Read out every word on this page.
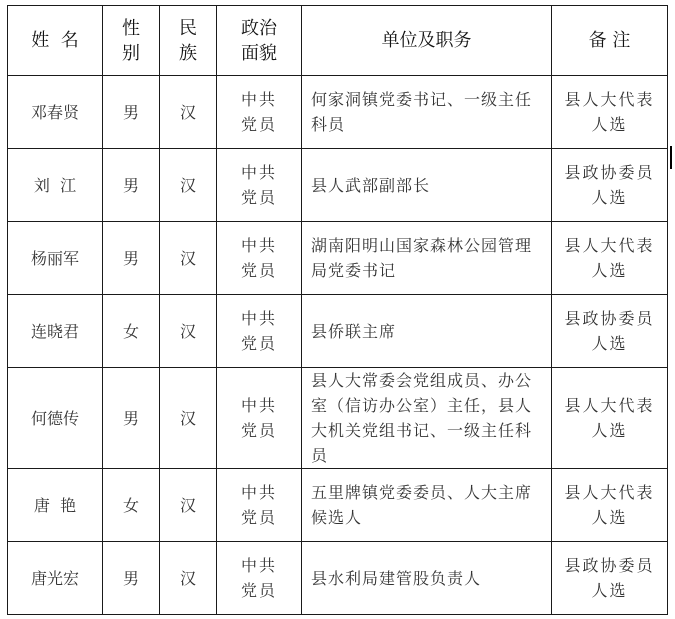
姓  名	性别	民族	政治面貌	单位及职务	备 注
邓春贤	男	汉	中共党员	何家洞镇党委书记、一级主任科员	县人大代表人选

刘  江	男	汉	中共党员	县人武部副部长	县政协委员人选

杨丽军	男	汉	中共党员	湖南阳明山国家森林公园管理局党委书记	县人大代表人选

连晓君	女	汉	中共党员	县侨联主席	县政协委员人选

何德传	男	汉	中共党员	县人大常委会党组成员、办公室（信访办公室）主任，县人大机关党组书记、一级主任科员	县人大代表人选

唐  艳	女	汉	中共党员	五里牌镇党委委员、人大主席候选人	县人大代表人选

唐光宏	男	汉	中共党员	县水利局建管股负责人	县政协委员人选
